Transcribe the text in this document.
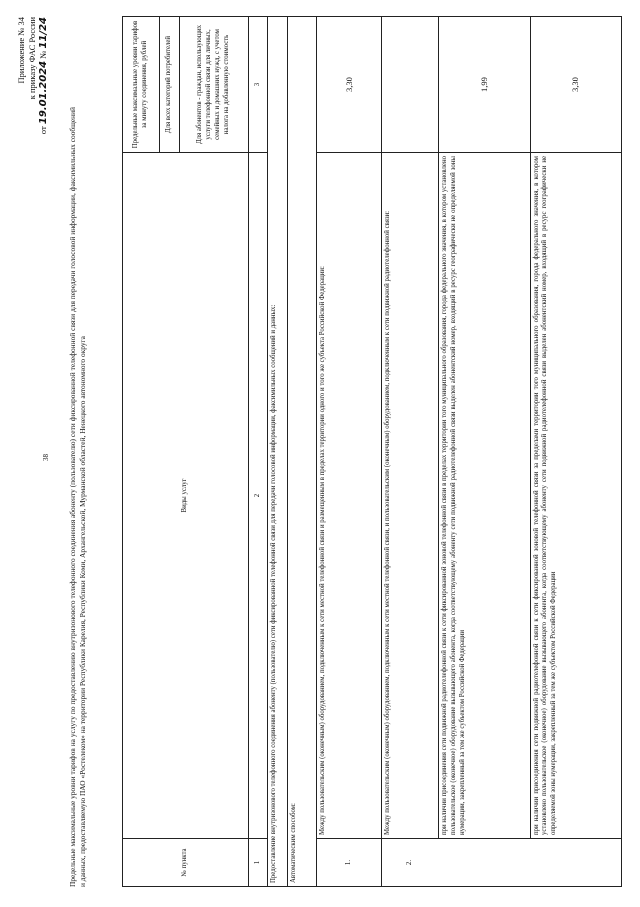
38
Приложение № 34 к приказу ФАС России
от 19.01.2024 № 11/24
Предельные максимальные уровни тарифов на услугу по предоставлению внутризонового телефонного соединения абоненту (пользователю) сети фиксированной телефонной связи для передачи голосовой информации, факсимильных сообщений и данных, предоставляемую ПАО «Ростелеком» на территории Республики Карелия, Республики Коми, Архангельской, Мурманской областей, Ненецкого автономного округа	№ пункта	Виды услуг	Предельные максимальные уровни тарифов за минуту соединения, рублей
		Для всех категорий потребителей
		Для абонентов - граждан, использующих услуги телефонной связи для личных, семейных и домашних нужд, с учетом налога на добавленную стоимость
1	2	3
Предоставление внутризонового телефонного соединения абоненту (пользователю) сети фиксированной телефонной связи для передачи голосовой информации, факсимильных сообщений и данных:		
Автоматическим способом:		
1.	Между пользовательским (оконечным) оборудованием, подключенным к сети местной телефонной связи и размещенным в пределах территории одного и того же субъекта Российской Федерации:	3,30
2.	Между пользовательским (оконечным) оборудованием, подключенным к сети местной телефонной связи, и пользовательским (оконечным) оборудованием, подключенным к сети подвижной радиотелефонной связи:	
	при наличии присоединения сети подвижной радиотелефонной связи к сети фиксированной зоновой телефонной связи в пределах территории того муниципального образования, города федерального значения, в котором установлено пользовательское (оконечное) оборудование вызывающего абонента, когда соответствующему абоненту сети подвижной радиотелефонной связи выделен абонентский номер, входящий в ресурс географически не определяемой зоны нумерации, закрепленный за тем же субъектом Российской Федерации	1,99
	при наличии присоединения сети подвижной радиотелефонной связи к сети фиксированной зоновой телефонной связи за пределами территории того муниципального образования, города федерального значения, в котором установлено пользовательское (оконечное) оборудование вызывающего абонента, когда соответствующему абоненту сети подвижной радиотелефонной связи выделен абонентский номер, входящий в ресурс географически не определяемой зоны нумерации, закрепленный за тем же субъектом Российской Федерации	3,30
